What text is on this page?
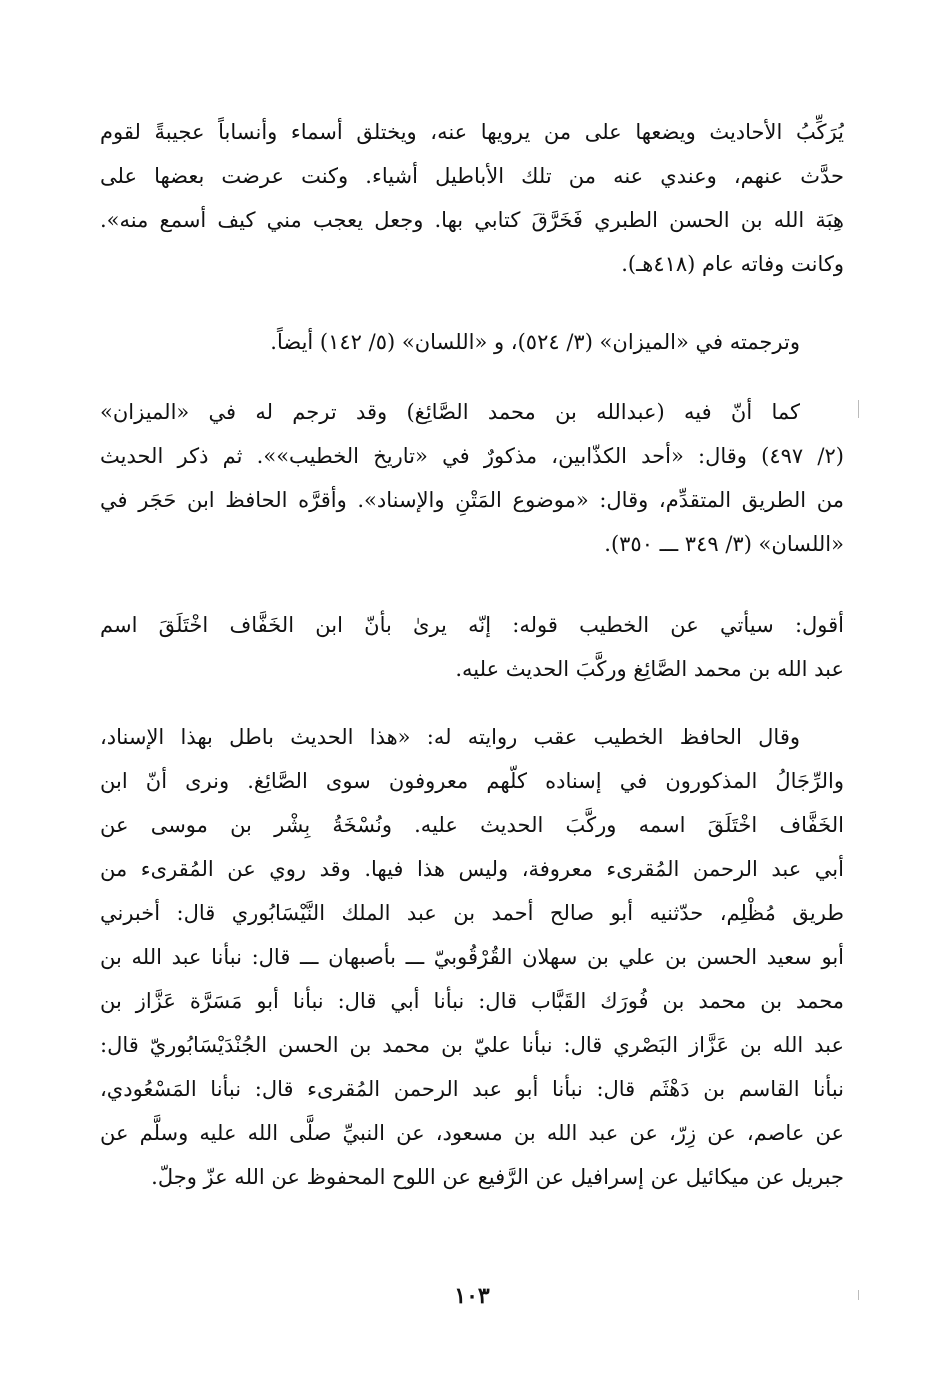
يُرَكِّبُ الأحاديث ويضعها على من يرويها عنه، ويختلق أسماء وأنساباً عجيبةً لقوم
حدَّث عنهم، وعندي عنه من تلك الأباطيل أشياء. وكنت عرضت بعضها على
هِبَة الله بن الحسن الطبري فَخَرَّقَ كتابي بها. وجعل يعجب مني كيف أسمع منه».
وكانت وفاته عام (٤١٨هـ).
وترجمته في «الميزان» (٣/ ٥٢٤)، و «اللسان» (٥/ ١٤٢) أيضاً.
كما أنّ فيه (عبدالله بن محمد الصَّائِغ) وقد ترجم له في «الميزان»
(٢/ ٤٩٧) وقال: «أحد الكذّابين، مذكورٌ في «تاريخ الخطيب»». ثم ذكر الحديث
من الطريق المتقدِّم، وقال: «موضوع المَتْنِ والإسناد». وأقرَّه الحافظ ابن حَجَر في
«اللسان» (٣/ ٣٤٩ ـــ ٣٥٠).
أقول: سيأتي عن الخطيب قوله: إنّه يرىٰ بأنّ ابن الخَفَّاف اخْتَلَقَ اسم
عبد الله بن محمد الصَّائِغ وركَّبَ الحديث عليه.
وقال الحافظ الخطيب عقب روايته له: «هذا الحديث باطل بهذا الإسناد،
والرِّجَالُ المذكورون في إسناده كلّهم معروفون سوى الصَّائِغ. ونرى أنّ ابن
الخَفَّاف اخْتَلَقَ اسمه وركَّبَ الحديث عليه. ونُسْخَةُ بِشْر بن موسى عن
أبي عبد الرحمن المُقرىء معروفة، وليس هذا فيها. وقد روي عن المُقرىء من
طريق مُظْلِم، حدّثنيه أبو صالح أحمد بن عبد الملك النَّيْسَابُوري قال: أخبرني
أبو سعيد الحسن بن علي بن سهلان القُرْقُوبيّ ـــ بأصبهان ـــ قال: نبأنا عبد الله بن
محمد بن محمد بن فُورَك القَبَّاب قال: نبأنا أبي قال: نبأنا أبو مَسَرَّة عَزَّاز بن
عبد الله بن عَزَّاز البَصْري قال: نبأنا عليّ بن محمد بن الحسن الجُنْدَيْسَابُوريّ قال:
نبأنا القاسم بن دَهْثَم قال: نبأنا أبو عبد الرحمن المُقرىء قال: نبأنا المَسْعُودي،
عن عاصم، عن زِرّ، عن عبد الله بن مسعود، عن النبيِّ صلَّى الله عليه وسلَّم عن
جبريل عن ميكائيل عن إسرافيل عن الرَّفيع عن اللوح المحفوظ عن الله عزّ وجلّ.
١٠٣
